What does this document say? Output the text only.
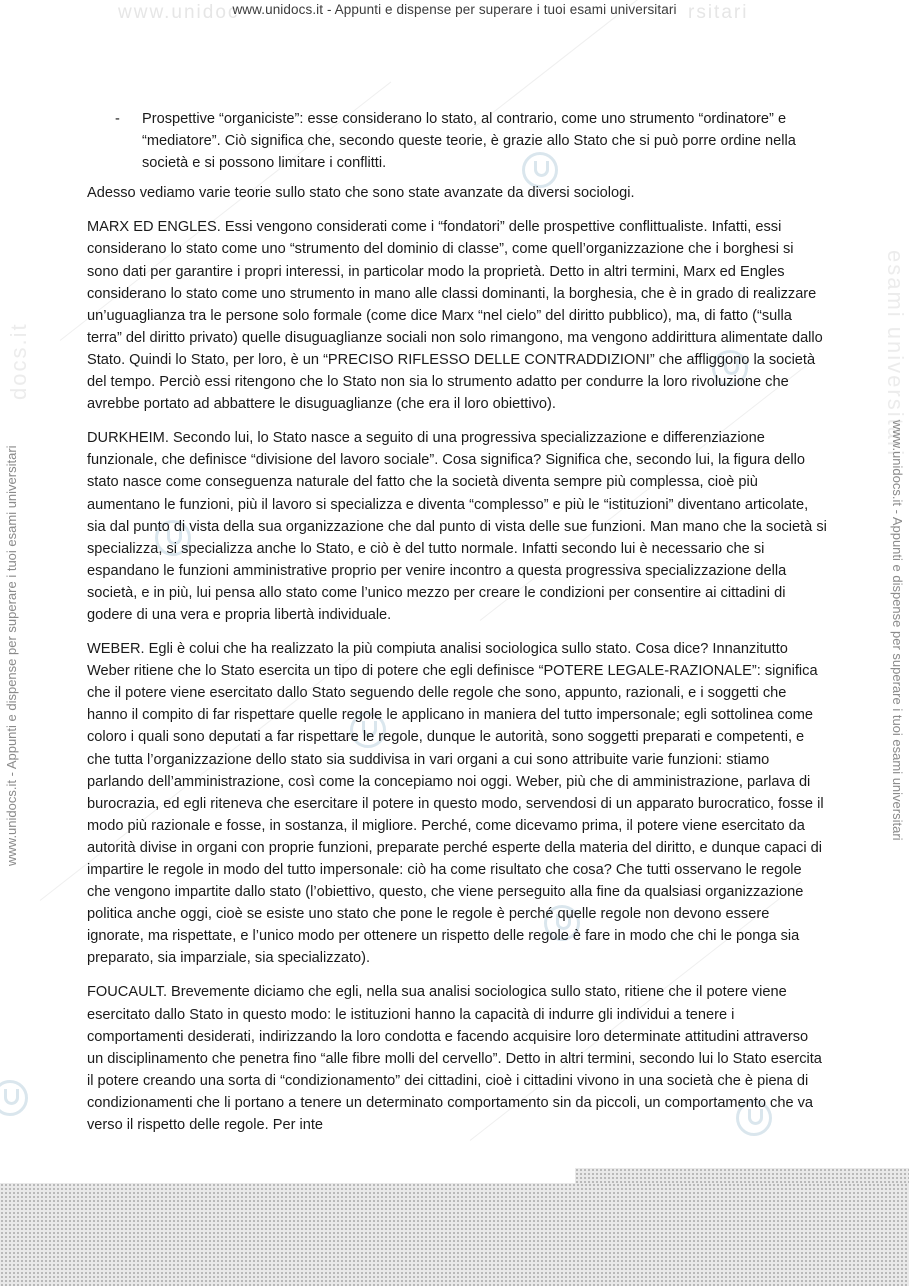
www.unidoc	rsitari
www.unidocs.it - Appunti e dispense per superare i tuoi esami universitari
docs.it	esami universitari
www.unidocs.it - Appunti e dispense per superare i tuoi esami universitari	www.unidocs.it - Appunti e dispense per superare i tuoi esami universitari
- Prospettive “organiciste”: esse considerano lo stato, al contrario, come uno strumento “ordinatore” e “mediatore”. Ciò significa che, secondo queste teorie, è grazie allo Stato che si può porre ordine nella società e si possono limitare i conflitti.

Adesso vediamo varie teorie sullo stato che sono state avanzate da diversi sociologi.

MARX ED ENGLES. Essi vengono considerati come i “fondatori” delle prospettive conflittualiste. Infatti, essi considerano lo stato come uno “strumento del dominio di classe”, come quell’organizzazione che i borghesi si sono dati per garantire i propri interessi, in particolar modo la proprietà. Detto in altri termini, Marx ed Engles considerano lo stato come uno strumento in mano alle classi dominanti, la borghesia, che è in grado di realizzare un’uguaglianza tra le persone solo formale (come dice Marx “nel cielo” del diritto pubblico), ma, di fatto (“sulla terra” del diritto privato) quelle disuguaglianze sociali non solo rimangono, ma vengono addirittura alimentate dallo Stato. Quindi lo Stato, per loro, è un “PRECISO RIFLESSO DELLE CONTRADDIZIONI” che affliggono la società del tempo. Perciò essi ritengono che lo Stato non sia lo strumento adatto per condurre la loro rivoluzione che avrebbe portato ad abbattere le disuguaglianze (che era il loro obiettivo).

DURKHEIM. Secondo lui, lo Stato nasce a seguito di una progressiva specializzazione e differenziazione funzionale, che definisce “divisione del lavoro sociale”. Cosa significa? Significa che, secondo lui, la figura dello stato nasce come conseguenza naturale del fatto che la società diventa sempre più complessa, cioè più aumentano le funzioni, più il lavoro si specializza e diventa “complesso” e più le “istituzioni” diventano articolate, sia dal punto di vista della sua organizzazione che dal punto di vista delle sue funzioni. Man mano che la società si specializza, si specializza anche lo Stato, e ciò è del tutto normale. Infatti secondo lui è necessario che si espandano le funzioni amministrative proprio per venire incontro a questa progressiva specializzazione della società, e in più, lui pensa allo stato come l’unico mezzo per creare le condizioni per consentire ai cittadini di godere di una vera e propria libertà individuale.

WEBER. Egli è colui che ha realizzato la più compiuta analisi sociologica sullo stato. Cosa dice? Innanzitutto Weber ritiene che lo Stato esercita un tipo di potere che egli definisce “POTERE LEGALE-RAZIONALE”: significa che il potere viene esercitato dallo Stato seguendo delle regole che sono, appunto, razionali, e i soggetti che hanno il compito di far rispettare quelle regole le applicano in maniera del tutto impersonale; egli sottolinea come coloro i quali sono deputati a far rispettare le regole, dunque le autorità, sono soggetti preparati e competenti, e che tutta l’organizzazione dello stato sia suddivisa in vari organi a cui sono attribuite varie funzioni: stiamo parlando dell’amministrazione, così come la concepiamo noi oggi. Weber, più che di amministrazione, parlava di burocrazia, ed egli riteneva che esercitare il potere in questo modo, servendosi di un apparato burocratico, fosse il modo più razionale e fosse, in sostanza, il migliore. Perché, come dicevamo prima, il potere viene esercitato da autorità divise in organi con proprie funzioni, preparate perché esperte della materia del diritto, e dunque capaci di impartire le regole in modo del tutto impersonale: ciò ha come risultato che cosa? Che tutti osservano le regole che vengono impartite dallo stato (l’obiettivo, questo, che viene perseguito alla fine da qualsiasi organizzazione politica anche oggi, cioè se esiste uno stato che pone le regole è perché quelle regole non devono essere ignorate, ma rispettate, e l’unico modo per ottenere un rispetto delle regole è fare in modo che chi le ponga sia preparato, sia imparziale, sia specializzato).

FOUCAULT. Brevemente diciamo che egli, nella sua analisi sociologica sullo stato, ritiene che il potere viene esercitato dallo Stato in questo modo: le istituzioni hanno la capacità di indurre gli individui a tenere i comportamenti desiderati, indirizzando la loro condotta e facendo acquisire loro determinate attitudini attraverso un disciplinamento che penetra fino “alle fibre molli del cervello”. Detto in altri termini, secondo lui lo Stato esercita il potere creando una sorta di “condizionamento” dei cittadini, cioè i cittadini vivono in una società che è piena di condizionamenti che li portano a tenere un determinato comportamento sin da piccoli, un comportamento che va verso il rispetto delle regole. Per inte
